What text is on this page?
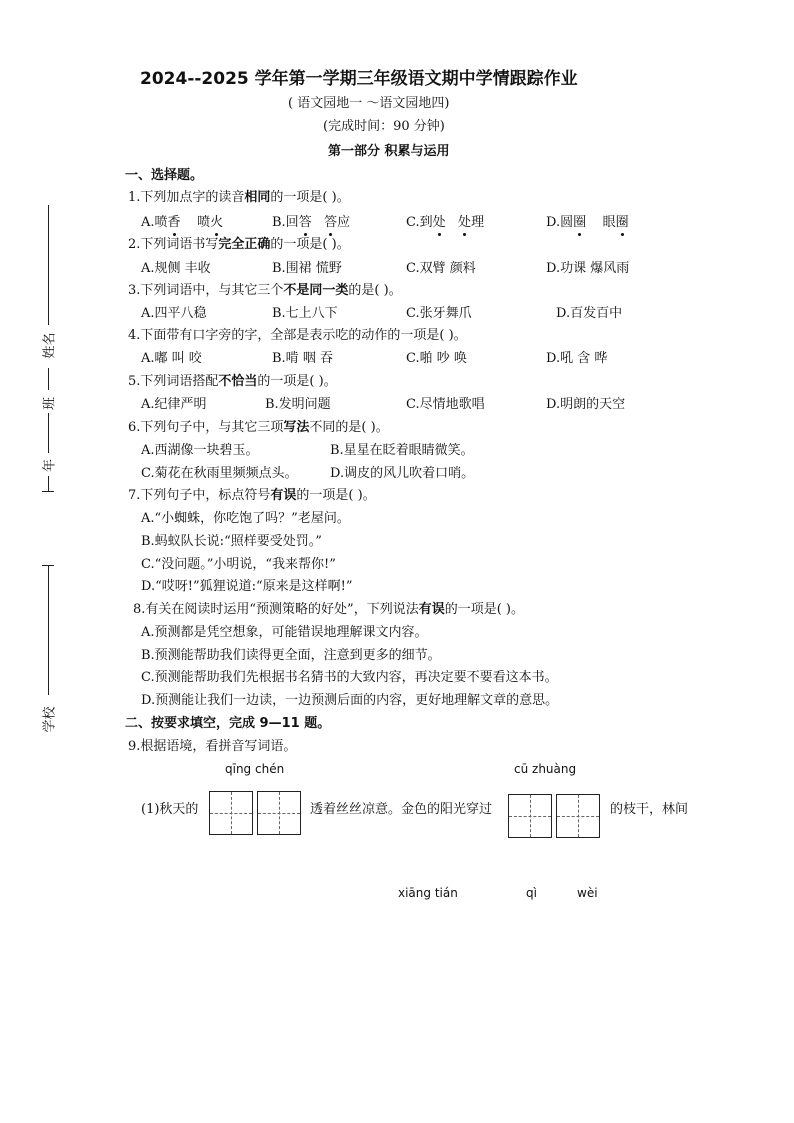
姓名
班
年
学校
2024--2025 学年第一学期三年级语文期中学情跟踪作业
( 语文园地一 ～语文园地四)
(完成时间：90 分钟)
第一部分 积累与运用
一、选择题。
1.下列加点字的读音相同的一项是( )。
A.喷香    喷火	B.回答 答应	C.到处 处理	D.圆圈    眼圈
2.下列词语书写完全正确的一项是( )。
A.规侧 丰收	B.围裙 慌野	C.双臂 颜料	D.功课 爆风雨
3.下列词语中，与其它三个不是同一类的是( )。
A.四平八稳	B.七上八下	C.张牙舞爪	D.百发百中
4.下面带有口字旁的字，全部是表示吃的动作的一项是( )。
A.嘟 叫 咬	B.啃 咽 吞	C.啪 吵 唤	D.吼 含 哗
5.下列词语搭配不恰当的一项是( )。
A.纪律严明	B.发明问题	C.尽情地歌唱	D.明朗的天空
6.下列句子中，与其它三项写法不同的是( )。
A.西湖像一块碧玉。	B.星星在眨着眼睛微笑。
C.菊花在秋雨里频频点头。 D.调皮的风儿吹着口哨。
7.下列句子中，标点符号有误的一项是( )。
A.“小蜘蛛，你吃饱了吗？”老屋问。
B.蚂蚁队长说:“照样要受处罚。”
C.“没问题。”小明说，“我来帮你!”
D.“哎呀!”狐狸说道:“原来是这样啊!”
8.有关在阅读时运用“预测策略的好处”，下列说法有误的一项是( )。
A.预测都是凭空想象，可能错误地理解课文内容。
B.预测能帮助我们读得更全面，注意到更多的细节。
C.预测能帮助我们先根据书名猜书的大致内容，再决定要不要看这本书。
D.预测能让我们一边读，一边预测后面的内容，更好地理解文章的意思。
二、按要求填空，完成 9—11 题。
9.根据语境，看拼音写词语。
qīng chén	cū zhuàng
(1)秋天的	透着丝丝凉意。金色的阳光穿过	的枝干，林间
xiāng tián	qì	wèi
